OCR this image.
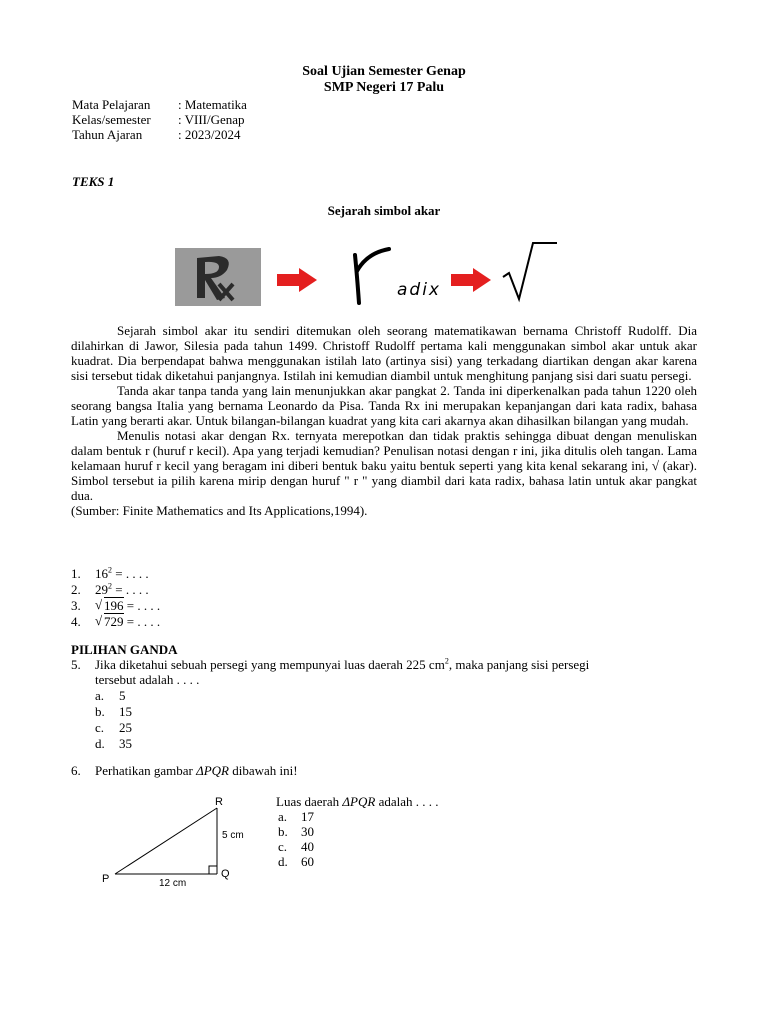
Soal Ujian Semester Genap
SMP Negeri 17 Palu
Mata Pelajaran : Matematika
Kelas/semester : VIII/Genap
Tahun Ajaran	: 2023/2024
TEKS 1
Sejarah simbol akar
adix

Sejarah simbol akar itu sendiri ditemukan oleh seorang matematikawan bernama Christoff Rudolff. Dia dilahirkan di Jawor, Silesia pada tahun 1499. Christoff Rudolff pertama kali menggunakan simbol akar untuk akar kuadrat. Dia berpendapat bahwa menggunakan istilah lato (artinya sisi) yang terkadang diartikan dengan akar karena sisi tersebut tidak diketahui panjangnya. Istilah ini kemudian diambil untuk menghitung panjang sisi dari suatu persegi.

Tanda akar tanpa tanda yang lain menunjukkan akar pangkat 2. Tanda ini diperkenalkan pada tahun 1220 oleh seorang bangsa Italia yang bernama Leonardo da Pisa. Tanda Rx ini merupakan kepanjangan dari kata radix, bahasa Latin yang berarti akar. Untuk bilangan-bilangan kuadrat yang kita cari akarnya akan dihasilkan bilangan yang mudah.

Menulis notasi akar dengan Rx. ternyata merepotkan dan tidak praktis sehingga dibuat dengan menuliskan dalam bentuk r (huruf r kecil). Apa yang terjadi kemudian? Penulisan notasi dengan r ini, jika ditulis oleh tangan. Lama kelamaan huruf r kecil yang beragam ini diberi bentuk baku yaitu bentuk seperti yang kita kenal sekarang ini, √ (akar). Simbol tersebut ia pilih karena mirip dengan huruf " r " yang diambil dari kata radix, bahasa latin untuk akar pangkat dua.

(Sumber: Finite Mathematics and Its Applications,1994).

1. $16^2$ = . . . .
2. $29^2$ = . . . .
3. √ 196 = . . . .
4. √ 729 = . . . .
PILIHAN GANDA
5. Jika diketahui sebuah persegi yang mempunyai luas daerah 225 $cm^2$, maka panjang sisi persegi
tersebut adalah . . . .
a. 5
b. 15
c. 25
d. 35
6. Perhatikan gambar ΔPQR dibawah ini!
Luas daerah ΔPQR adalah . . . .
a. 17
b. 30
c. 40
d. 60
P	Q
R
5 cm
12 cm
